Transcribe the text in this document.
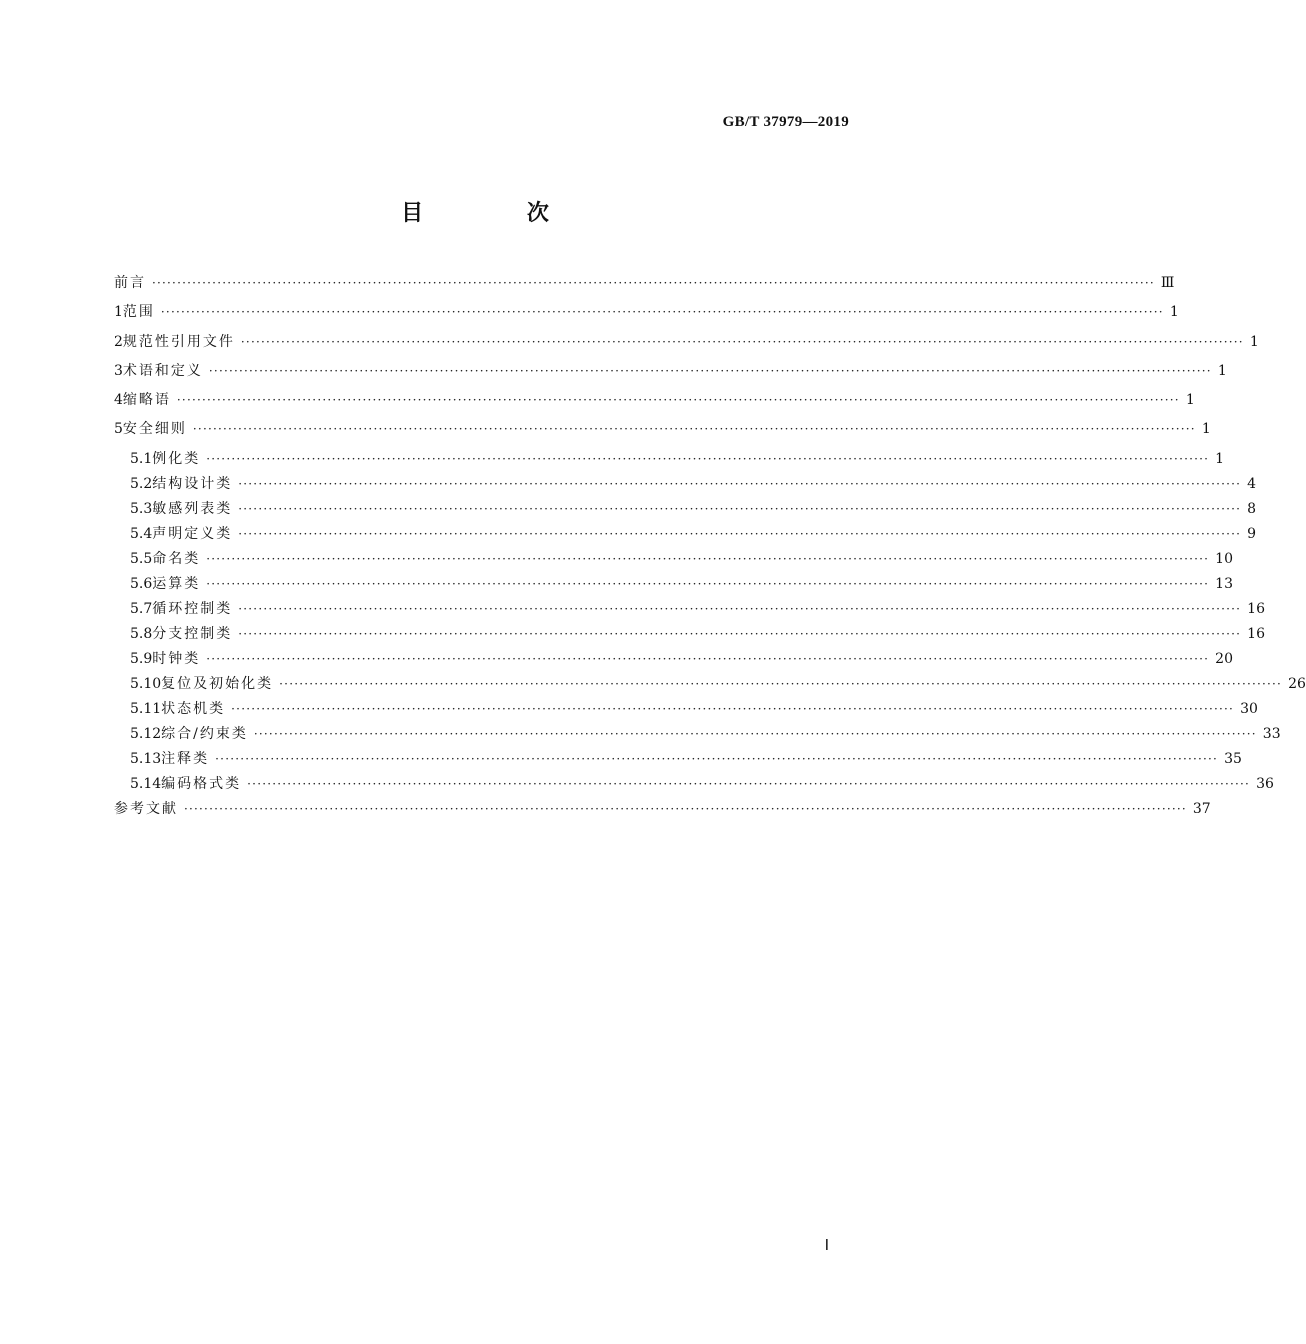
GB/T 37979—2019
目 次
前言 ········································································································································································································ Ⅲ
1 范围 ········································································································································································································ 1
2 规范性引用文件 ········································································································································································································ 1
3 术语和定义 ········································································································································································································ 1
4 缩略语 ········································································································································································································ 1
5 安全细则 ········································································································································································································ 1
5.1 例化类 ········································································································································································································ 1
5.2 结构设计类 ········································································································································································································ 4
5.3 敏感列表类 ········································································································································································································ 8
5.4 声明定义类 ········································································································································································································ 9
5.5 命名类 ········································································································································································································ 10
5.6 运算类 ········································································································································································································ 13
5.7 循环控制类 ········································································································································································································ 16
5.8 分支控制类 ········································································································································································································ 16
5.9 时钟类 ········································································································································································································ 20
5.10 复位及初始化类 ········································································································································································································ 26
5.11 状态机类 ········································································································································································································ 30
5.12 综合/约束类 ········································································································································································································ 33
5.13 注释类 ········································································································································································································ 35
5.14 编码格式类 ········································································································································································································ 36
参考文献 ········································································································································································································ 37
Ⅰ
